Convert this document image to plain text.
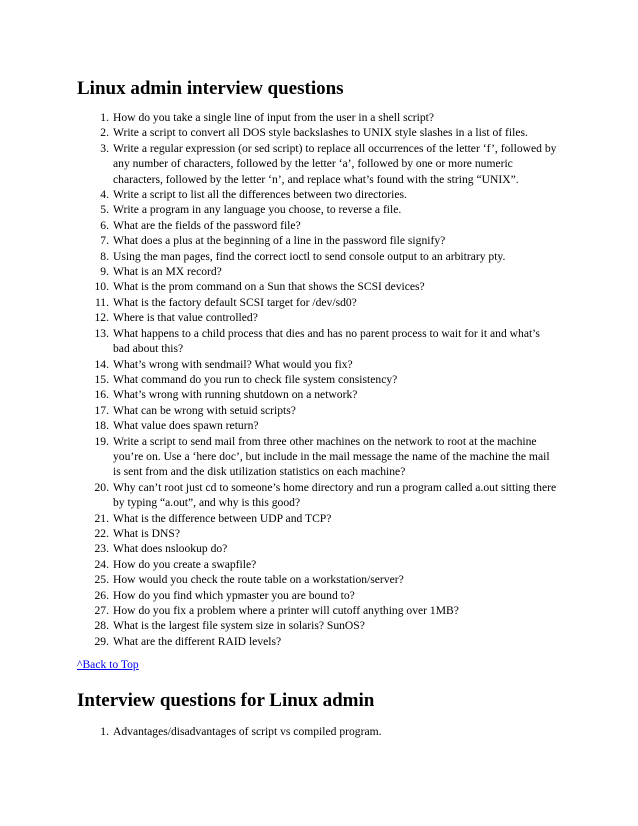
Linux admin interview questions
1. How do you take a single line of input from the user in a shell script?
2. Write a script to convert all DOS style backslashes to UNIX style slashes in a list of files.
3. Write a regular expression (or sed script) to replace all occurrences of the letter ‘f’, followed by any number of characters, followed by the letter ‘a’, followed by one or more numeric characters, followed by the letter ‘n’, and replace what’s found with the string “UNIX”.
4. Write a script to list all the differences between two directories.
5. Write a program in any language you choose, to reverse a file.
6. What are the fields of the password file?
7. What does a plus at the beginning of a line in the password file signify?
8. Using the man pages, find the correct ioctl to send console output to an arbitrary pty.
9. What is an MX record?
10. What is the prom command on a Sun that shows the SCSI devices?
11. What is the factory default SCSI target for /dev/sd0?
12. Where is that value controlled?
13. What happens to a child process that dies and has no parent process to wait for it and what’s bad about this?
14. What’s wrong with sendmail? What would you fix?
15. What command do you run to check file system consistency?
16. What’s wrong with running shutdown on a network?
17. What can be wrong with setuid scripts?
18. What value does spawn return?
19. Write a script to send mail from three other machines on the network to root at the machine you’re on. Use a ‘here doc’, but include in the mail message the name of the machine the mail is sent from and the disk utilization statistics on each machine?
20. Why can’t root just cd to someone’s home directory and run a program called a.out sitting there by typing “a.out”, and why is this good?
21. What is the difference between UDP and TCP?
22. What is DNS?
23. What does nslookup do?
24. How do you create a swapfile?
25. How would you check the route table on a workstation/server?
26. How do you find which ypmaster you are bound to?
27. How do you fix a problem where a printer will cutoff anything over 1MB?
28. What is the largest file system size in solaris? SunOS?
29. What are the different RAID levels?
^Back to Top
Interview questions for Linux admin
1. Advantages/disadvantages of script vs compiled program.
